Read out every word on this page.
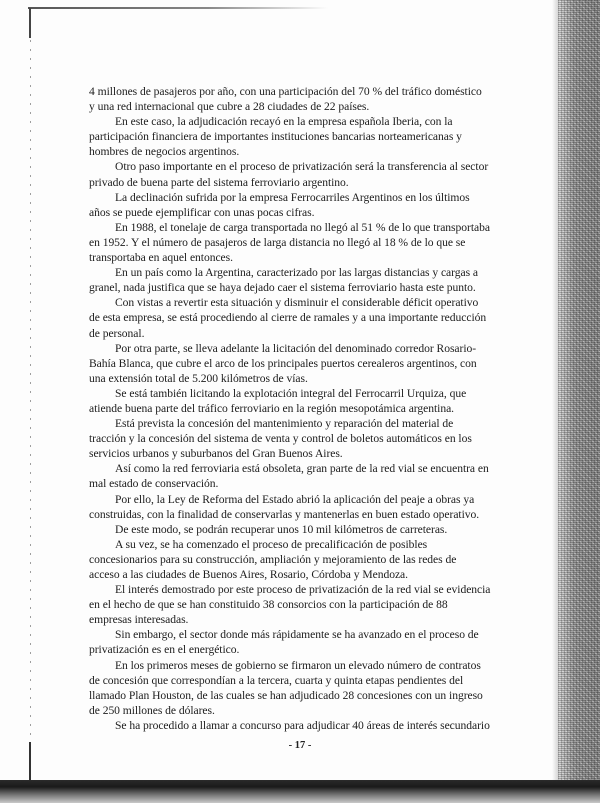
4 millones de pasajeros por año, con una participación del 70 % del tráfico doméstico
y una red internacional que cubre a 28 ciudades de 22 países.
En este caso, la adjudicación recayó en la empresa española Iberia, con la
participación financiera de importantes instituciones bancarias norteamericanas y
hombres de negocios argentinos.
Otro paso importante en el proceso de privatización será la transferencia al sector
privado de buena parte del sistema ferroviario argentino.
La declinación sufrida por la empresa Ferrocarriles Argentinos en los últimos
años se puede ejemplificar con unas pocas cifras.
En 1988, el tonelaje de carga transportada no llegó al 51 % de lo que transportaba
en 1952. Y el número de pasajeros de larga distancia no llegó al 18 % de lo que se
transportaba en aquel entonces.
En un país como la Argentina, caracterizado por las largas distancias y cargas a
granel, nada justifica que se haya dejado caer el sistema ferroviario hasta este punto.
Con vistas a revertir esta situación y disminuir el considerable déficit operativo
de esta empresa, se está procediendo al cierre de ramales y a una importante reducción
de personal.
Por otra parte, se lleva adelante la licitación del denominado corredor Rosario-
Bahía Blanca, que cubre el arco de los principales puertos cerealeros argentinos, con
una extensión total de 5.200 kilómetros de vías.
Se está también licitando la explotación integral del Ferrocarril Urquiza, que
atiende buena parte del tráfico ferroviario en la región mesopotámica argentina.
Está prevista la concesión del mantenimiento y reparación del material de
tracción y la concesión del sistema de venta y control de boletos automáticos en los
servicios urbanos y suburbanos del Gran Buenos Aires.
Así como la red ferroviaria está obsoleta, gran parte de la red vial se encuentra en
mal estado de conservación.
Por ello, la Ley de Reforma del Estado abrió la aplicación del peaje a obras ya
construidas, con la finalidad de conservarlas y mantenerlas en buen estado operativo.
De este modo, se podrán recuperar unos 10 mil kilómetros de carreteras.
A su vez, se ha comenzado el proceso de precalificación de posibles
concesionarios para su construcción, ampliación y mejoramiento de las redes de
acceso a las ciudades de Buenos Aires, Rosario, Córdoba y Mendoza.
El interés demostrado por este proceso de privatización de la red vial se evidencia
en el hecho de que se han constituido 38 consorcios con la participación de 88
empresas interesadas.
Sin embargo, el sector donde más rápidamente se ha avanzado en el proceso de
privatización es en el energético.
En los primeros meses de gobierno se firmaron un elevado número de contratos
de concesión que correspondían a la tercera, cuarta y quinta etapas pendientes del
llamado Plan Houston, de las cuales se han adjudicado 28 concesiones con un ingreso
de 250 millones de dólares.
Se ha procedido a llamar a concurso para adjudicar 40 áreas de interés secundario
- 17 -
